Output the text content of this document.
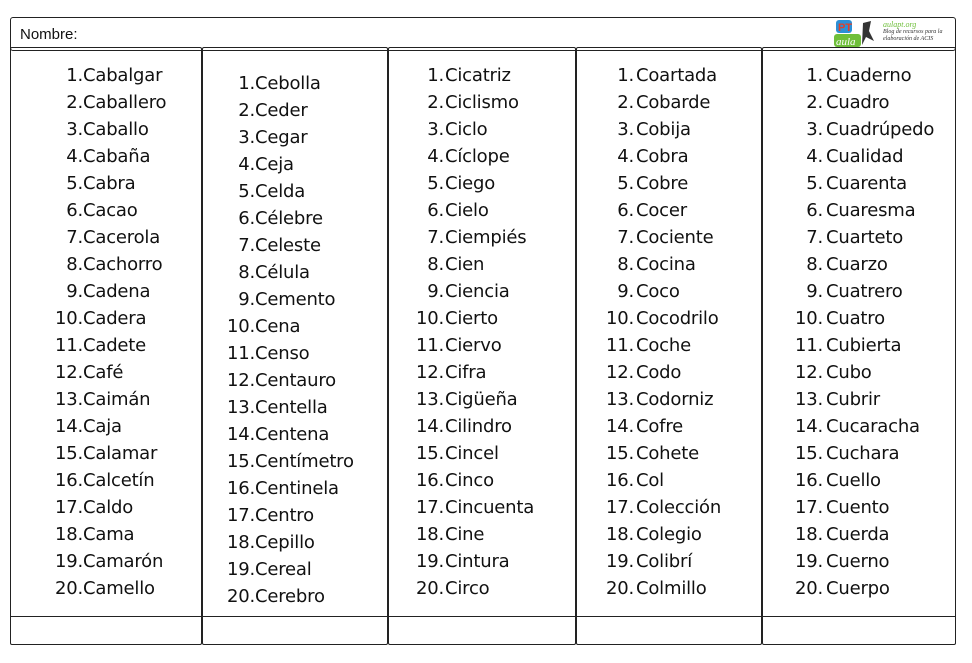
Nombre:	PT
aula
aulapt.org
Blog de recursos para la elaboración de ACIS
1. Cabalgar
2. Caballero
3. Caballo
4. Cabaña
5. Cabra
6. Cacao
7. Cacerola
8. Cachorro
9. Cadena
10. Cadera
11. Cadete
12. Café
13. Caimán
14. Caja
15. Calamar
16. Calcetín
17. Caldo
18. Cama
19. Camarón
20. Camello
1. Cebolla
2. Ceder
3. Cegar
4. Ceja
5. Celda
6. Célebre
7. Celeste
8. Célula
9. Cemento
10. Cena
11. Censo
12. Centauro
13. Centella
14. Centena
15. Centímetro
16. Centinela
17. Centro
18. Cepillo
19. Cereal
20. Cerebro
1. Cicatriz
2. Ciclismo
3. Ciclo
4. Cíclope
5. Ciego
6. Cielo
7. Ciempiés
8. Cien
9. Ciencia
10. Cierto
11. Ciervo
12. Cifra
13. Cigüeña
14. Cilindro
15. Cincel
16. Cinco
17. Cincuenta
18. Cine
19. Cintura
20. Circo
1. Coartada
2. Cobarde
3. Cobija
4. Cobra
5. Cobre
6. Cocer
7. Cociente
8. Cocina
9. Coco
10. Cocodrilo
11. Coche
12. Codo
13. Codorniz
14. Cofre
15. Cohete
16. Col
17. Colección
18. Colegio
19. Colibrí
20. Colmillo
1. Cuaderno
2. Cuadro
3. Cuadrúpedo
4. Cualidad
5. Cuarenta
6. Cuaresma
7. Cuarteto
8. Cuarzo
9. Cuatrero
10. Cuatro
11. Cubierta
12. Cubo
13. Cubrir
14. Cucaracha
15. Cuchara
16. Cuello
17. Cuento
18. Cuerda
19. Cuerno
20. Cuerpo
